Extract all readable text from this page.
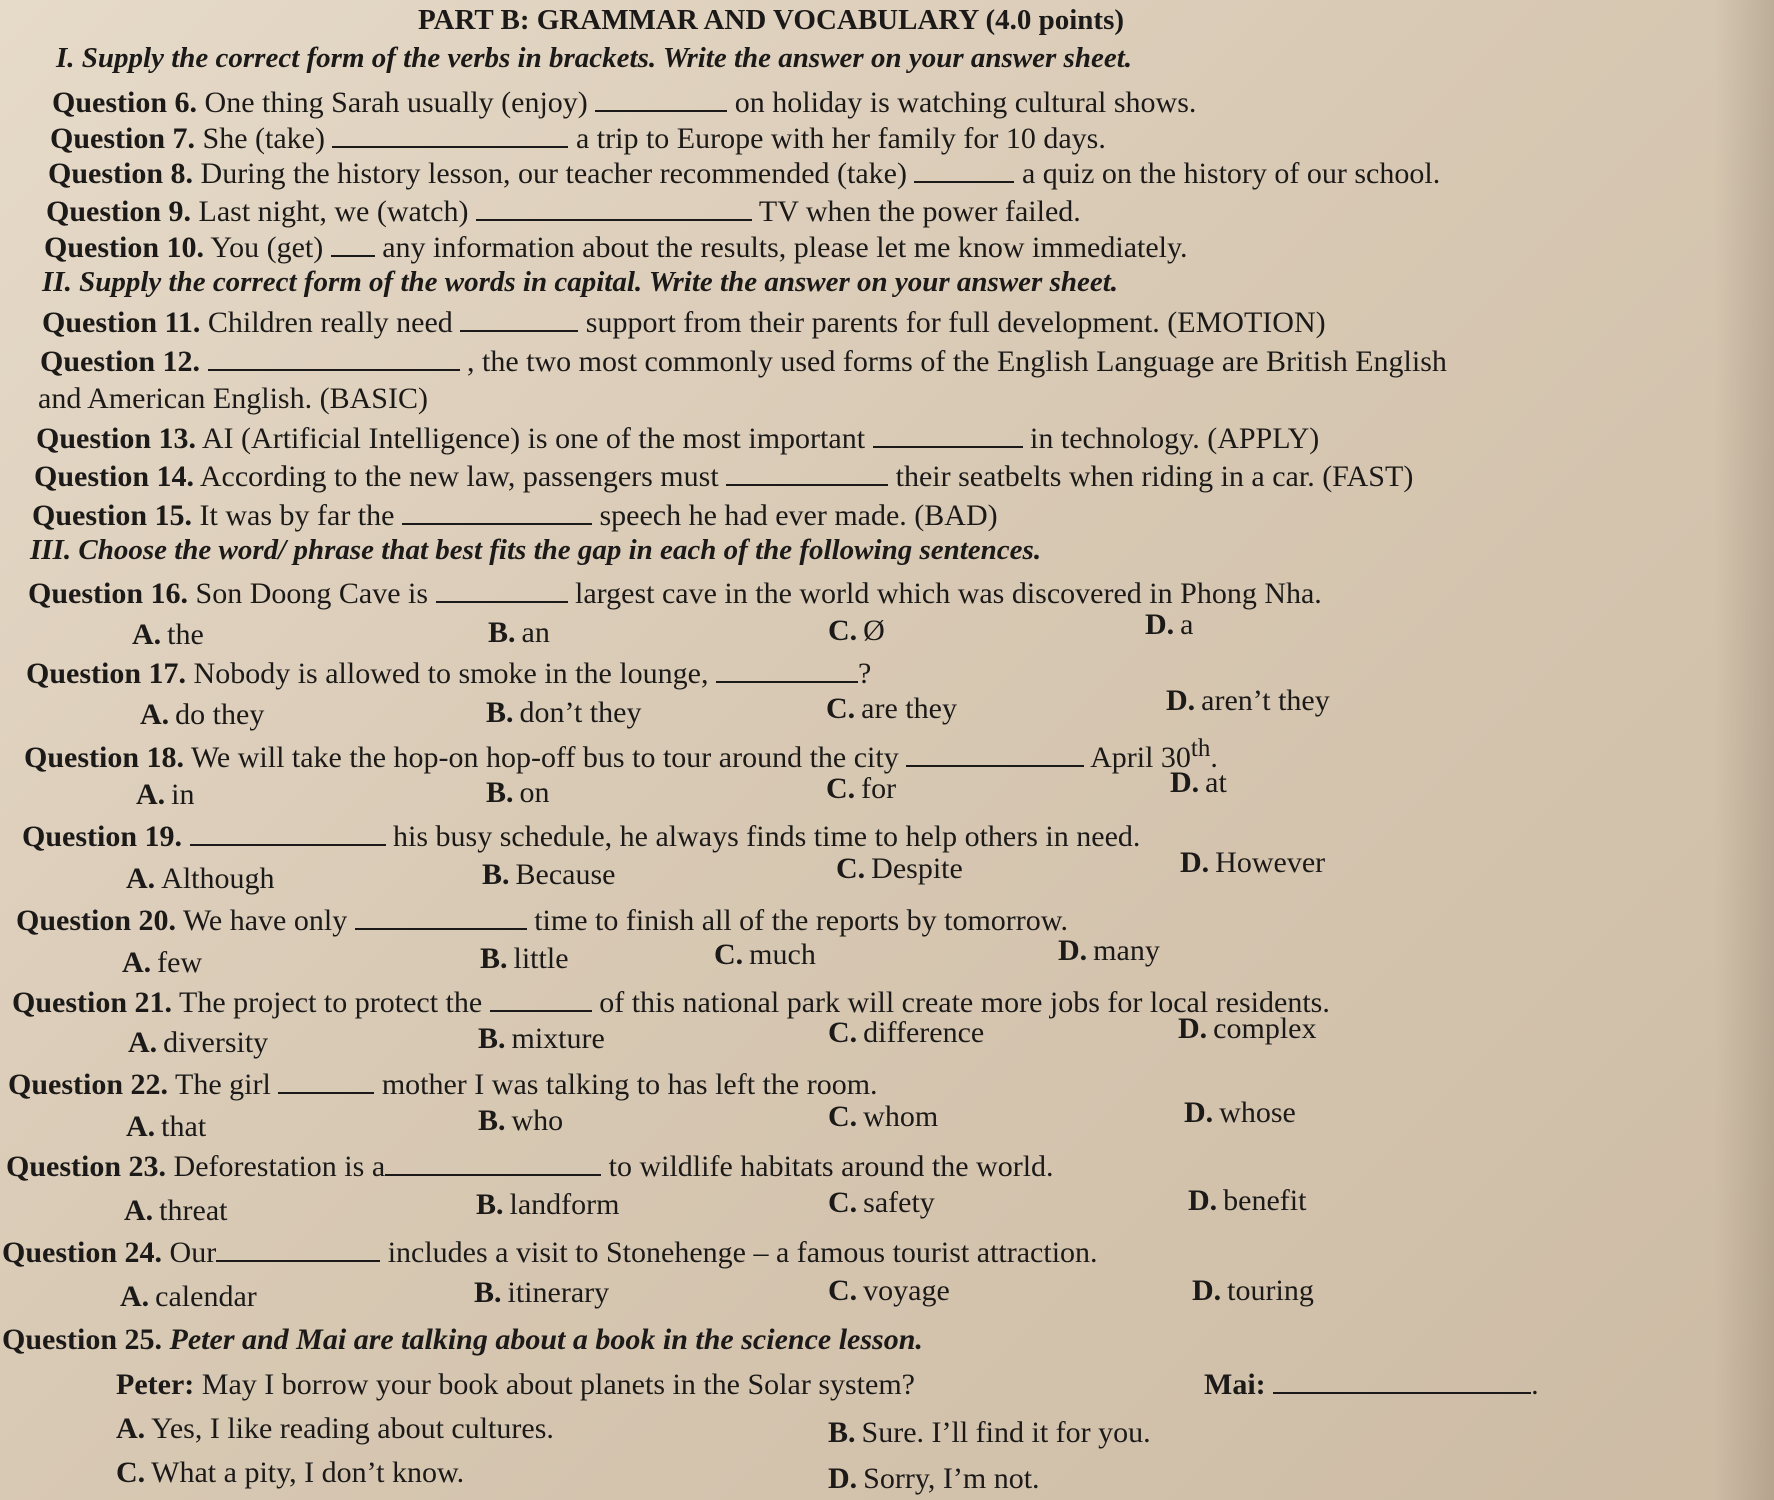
PART B: GRAMMAR AND VOCABULARY (4.0 points)

I. Supply the correct form of the verbs in brackets. Write the answer on your answer sheet.

Question 6. One thing Sarah usually (enjoy)	on holiday is watching cultural shows.
Question 7. She (take)	a trip to Europe with her family for 10 days.
Question 8. During the history lesson, our teacher recommended (take)	a quiz on the history of our school.
Question 9. Last night, we (watch)	TV when the power failed.
Question 10. You (get) any information about the results, please let me know immediately.

II. Supply the correct form of the words in capital. Write the answer on your answer sheet.

Question 11. Children really need	support from their parents for full development. (EMOTION)
Question 12.	, the two most commonly used forms of the English Language are British English
and American English. (BASIC)
Question 13. AI (Artificial Intelligence) is one of the most important	in technology. (APPLY)
Question 14. According to the new law, passengers must	their seatbelts when riding in a car. (FAST)
Question 15. It was by far the	speech he had ever made. (BAD)

III. Choose the word/ phrase that best fits the gap in each of the following sentences.

Question 16. Son Doong Cave is	largest cave in the world which was discovered in Phong Nha.
A. the	B. an	C. Ø	D. a
Question 17. Nobody is allowed to smoke in the lounge,	?
A. do they	B. don’t they	C. are they	D. aren’t they
Question 18. We will take the hop-on hop-off bus to tour around the city	April 30th.
A. in	B. on	C. for	D. at
Question 19.	his busy schedule, he always finds time to help others in need.
A. Although	B. Because	C. Despite	D. However
Question 20. We have only	time to finish all of the reports by tomorrow.
A. few	B. little	C. much	D. many
Question 21. The project to protect the	of this national park will create more jobs for local residents.
A. diversity	B. mixture	C. difference	D. complex
Question 22. The girl	mother I was talking to has left the room.
A. that	B. who	C. whom	D. whose
Question 23. Deforestation is a	to wildlife habitats around the world.
A. threat	B. landform	C. safety	D. benefit
Question 24. Our	includes a visit to Stonehenge – a famous tourist attraction.
A. calendar	B. itinerary	C. voyage	D. touring
Question 25. Peter and Mai are talking about a book in the science lesson.
Peter: May I borrow your book about planets in the Solar system?	Mai:	.
A. Yes, I like reading about cultures.	B. Sure. I’ll find it for you.
C. What a pity, I don’t know.	D. Sorry, I’m not.
